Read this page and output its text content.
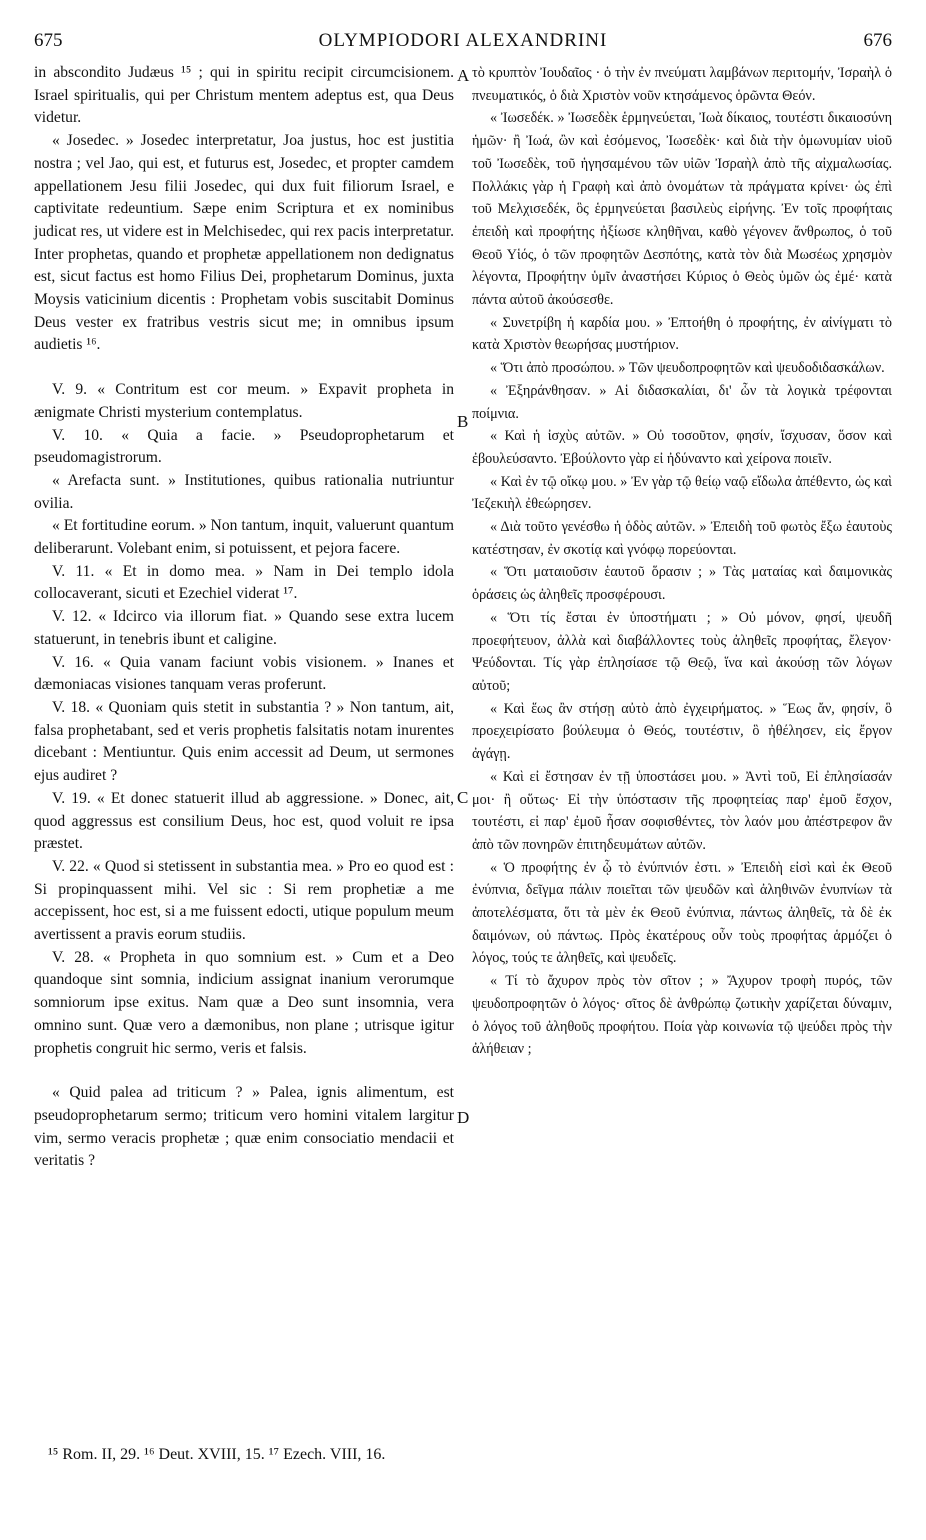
675	OLYMPIODORI ALEXANDRINI	676

in abscondito Judæus ¹⁵ ; qui in spiritu recipit circumcisionem. Israel spiritualis, qui per Christum mentem adeptus est, qua Deus videtur.

« Josedec. » Josedec interpretatur, Joa justus, hoc est justitia nostra ; vel Jao, qui est, et futurus est, Josedec, et propter camdem appellationem Jesu filii Josedec, qui dux fuit filiorum Israel, e captivitate redeuntium. Sæpe enim Scriptura et ex nominibus judicat res, ut videre est in Melchisedec, qui rex pacis interpretatur. Inter prophetas, quando et prophetæ appellationem non dedignatus est, sicut factus est homo Filius Dei, prophetarum Dominus, juxta Moysis vaticinium dicentis : Prophetam vobis suscitabit Dominus Deus vester ex fratribus vestris sicut me; in omnibus ipsum audietis ¹⁶.

V. 9. « Contritum est cor meum. » Expavit propheta in ænigmate Christi mysterium contemplatus.

V. 10. « Quia a facie. » Pseudoprophetarum et pseudomagistrorum.

« Arefacta sunt. » Institutiones, quibus rationalia nutriuntur ovilia.

« Et fortitudine eorum. » Non tantum, inquit, valuerunt quantum deliberarunt. Volebant enim, si potuissent, et pejora facere.

V. 11. « Et in domo mea. » Nam in Dei templo idola collocaverant, sicuti et Ezechiel viderat ¹⁷.

V. 12. « Idcirco via illorum fiat. » Quando sese extra lucem statuerunt, in tenebris ibunt et caligine.

V. 16. « Quia vanam faciunt vobis visionem. » Inanes et dæmoniacas visiones tanquam veras proferunt.

V. 18. « Quoniam quis stetit in substantia ? » Non tantum, ait, falsa prophetabant, sed et veris prophetis falsitatis notam inurentes dicebant : Mentiuntur. Quis enim accessit ad Deum, ut sermones ejus audiret ?

V. 19. « Et donec statuerit illud ab aggressione. » Donec, ait, quod aggressus est consilium Deus, hoc est, quod voluit re ipsa præstet.

V. 22. « Quod si stetissent in substantia mea. » Pro eo quod est : Si propinquassent mihi. Vel sic : Si rem prophetiæ a me accepissent, hoc est, si a me fuissent edocti, utique populum meum avertissent a pravis eorum studiis.

V. 28. « Propheta in quo somnium est. » Cum et a Deo quandoque sint somnia, indicium assignat inanium verorumque somniorum ipse exitus. Nam quæ a Deo sunt insomnia, vera omnino sunt. Quæ vero a dæmonibus, non plane ; utrisque igitur prophetis congruit hic sermo, veris et falsis.

« Quid palea ad triticum ? » Palea, ignis alimentum, est pseudoprophetarum sermo; triticum vero homini vitalem largitur vim, sermo veracis prophetæ ; quæ enim consociatio mendacii et veritatis ?

τὸ κρυπτὸν Ἰουδαῖος · ὁ τὴν ἐν πνεύματι λαμβάνων περιτομήν, Ἰσραὴλ ὁ πνευματικός, ὁ διὰ Χριστὸν νοῦν κτησάμενος ὁρῶντα Θεόν.

« Ἰωσεδέκ. » Ἰωσεδὲκ ἑρμηνεύεται, Ἰωὰ δίκαιος, τουτέστι δικαιοσύνη ἡμῶν· ἢ Ἰωά, ὢν καὶ ἐσόμενος, Ἰωσεδὲκ· καὶ διὰ τὴν ὁμωνυμίαν υἱοῦ τοῦ Ἰωσεδὲκ, τοῦ ἡγησαμένου τῶν υἱῶν Ἰσραὴλ ἀπὸ τῆς αἰχμαλωσίας. Πολλάκις γὰρ ἡ Γραφὴ καὶ ἀπὸ ὀνομάτων τὰ πράγματα κρίνει· ὡς ἐπὶ τοῦ Μελχισεδέκ, ὃς ἑρμηνεύεται βασιλεὺς εἰρήνης. Ἐν τοῖς προφήταις ἐπειδὴ καὶ προφήτης ἠξίωσε κληθῆναι, καθὸ γέγονεν ἄνθρωπος, ὁ τοῦ Θεοῦ Υἱός, ὁ τῶν προφητῶν Δεσπότης, κατὰ τὸν διὰ Μωσέως χρησμὸν λέγοντα, Προφήτην ὑμῖν ἀναστήσει Κύριος ὁ Θεὸς ὑμῶν ὡς ἐμέ· κατὰ πάντα αὐτοῦ ἀκούσεσθε.

« Συνετρίβη ἡ καρδία μου. » Ἐπτοήθη ὁ προφήτης, ἐν αἰνίγματι τὸ κατὰ Χριστὸν θεωρήσας μυστήριον.

« Ὅτι ἀπὸ προσώπου. » Τῶν ψευδοπροφητῶν καὶ ψευδοδιδασκάλων.

« Ἐξηράνθησαν. » Αἱ διδασκαλίαι, δι' ὧν τὰ λογικὰ τρέφονται ποίμνια.

« Καὶ ἡ ἰσχὺς αὐτῶν. » Οὐ τοσοῦτον, φησίν, ἴσχυσαν, ὅσον καὶ ἐβουλεύσαντο. Ἐβούλοντο γὰρ εἰ ἠδύναντο καὶ χείρονα ποιεῖν.

« Καὶ ἐν τῷ οἴκῳ μου. » Ἐν γὰρ τῷ θείῳ ναῷ εἴδωλα ἀπέθεντο, ὡς καὶ Ἰεζεκιὴλ ἐθεώρησεν.

« Διὰ τοῦτο γενέσθω ἡ ὁδὸς αὐτῶν. » Ἐπειδὴ τοῦ φωτὸς ἔξω ἑαυτοὺς κατέστησαν, ἐν σκοτίᾳ καὶ γνόφῳ πορεύονται.

« Ὅτι ματαιοῦσιν ἑαυτοῦ ὅρασιν ; » Τὰς ματαίας καὶ δαιμονικὰς ὁράσεις ὡς ἀληθεῖς προσφέρουσι.

« Ὅτι τίς ἔσται ἐν ὑποστήματι ; » Οὐ μόνον, φησί, ψευδῆ προεφήτευον, ἀλλὰ καὶ διαβάλλοντες τοὺς ἀληθεῖς προφήτας, ἔλεγον· Ψεύδονται. Τίς γὰρ ἐπλησίασε τῷ Θεῷ, ἵνα καὶ ἀκούσῃ τῶν λόγων αὐτοῦ;

« Καὶ ἕως ἂν στήσῃ αὐτὸ ἀπὸ ἐγχειρήματος. » Ἕως ἄν, φησίν, ὃ προεχειρίσατο βούλευμα ὁ Θεός, τουτέστιν, ὃ ἠθέλησεν, εἰς ἔργον ἀγάγῃ.

« Καὶ εἰ ἔστησαν ἐν τῇ ὑποστάσει μου. » Ἀντὶ τοῦ, Εἰ ἐπλησίασάν μοι· ἢ οὕτως· Εἰ τὴν ὑπόστασιν τῆς προφητείας παρ' ἐμοῦ ἔσχον, τουτέστι, εἰ παρ' ἐμοῦ ἦσαν σοφισθέντες, τὸν λαόν μου ἀπέστρεφον ἂν ἀπὸ τῶν πονηρῶν ἐπιτηδευμάτων αὐτῶν.

« Ὁ προφήτης ἐν ᾧ τὸ ἐνύπνιόν ἐστι. » Ἐπειδὴ εἰσὶ καὶ ἐκ Θεοῦ ἐνύπνια, δεῖγμα πάλιν ποιεῖται τῶν ψευδῶν καὶ ἀληθινῶν ἐνυπνίων τὰ ἀποτελέσματα, ὅτι τὰ μὲν ἐκ Θεοῦ ἐνύπνια, πάντως ἀληθεῖς, τὰ δὲ ἐκ δαιμόνων, οὐ πάντως. Πρὸς ἑκατέρους οὖν τοὺς προφήτας ἁρμόζει ὁ λόγος, τούς τε ἀληθεῖς, καὶ ψευδεῖς.

« Τί τὸ ἄχυρον πρὸς τὸν σῖτον ; » Ἄχυρον τροφὴ πυρός, τῶν ψευδοπροφητῶν ὁ λόγος· σῖτος δὲ ἀνθρώπῳ ζωτικὴν χαρίζεται δύναμιν, ὁ λόγος τοῦ ἀληθοῦς προφήτου. Ποία γὰρ κοινωνία τῷ ψεύδει πρὸς τὴν ἀλήθειαν ;

A
B
C
D
¹⁵ Rom. II, 29. ¹⁶ Deut. XVIII, 15. ¹⁷ Ezech. VIII, 16.
